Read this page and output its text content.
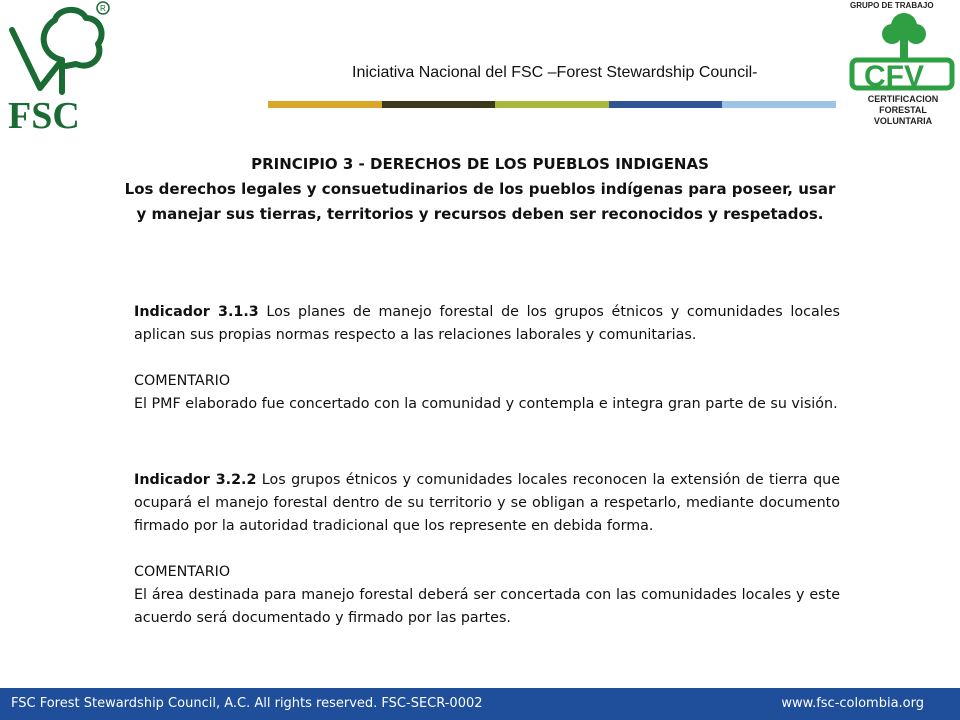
R
FSC
GRUPO DE TRABAJO
CFV
CERTIFICACION
FORESTAL
VOLUNTARIA
Iniciativa Nacional del FSC –Forest Stewardship Council-
PRINCIPIO 3 - DERECHOS DE LOS PUEBLOS INDIGENAS
Los derechos legales y consuetudinarios de los pueblos indígenas para poseer, usar y manejar sus tierras, territorios y recursos deben ser reconocidos y respetados.
Indicador 3.1.3 Los planes de manejo forestal de los grupos étnicos y comunidades locales aplican sus propias normas respecto a las relaciones laborales y comunitarias.
COMENTARIO
El PMF elaborado fue concertado con la comunidad y contempla e integra gran parte de su visión.
Indicador 3.2.2 Los grupos étnicos y comunidades locales reconocen la extensión de tierra que ocupará el manejo forestal dentro de su territorio y se obligan a respetarlo, mediante documento firmado por la autoridad tradicional que los represente en debida forma.
COMENTARIO
El área destinada para manejo forestal deberá ser concertada con las comunidades locales y este acuerdo será documentado y firmado por las partes.
FSC Forest Stewardship Council, A.C. All rights reserved. FSC-SECR-0002	www.fsc-colombia.org
